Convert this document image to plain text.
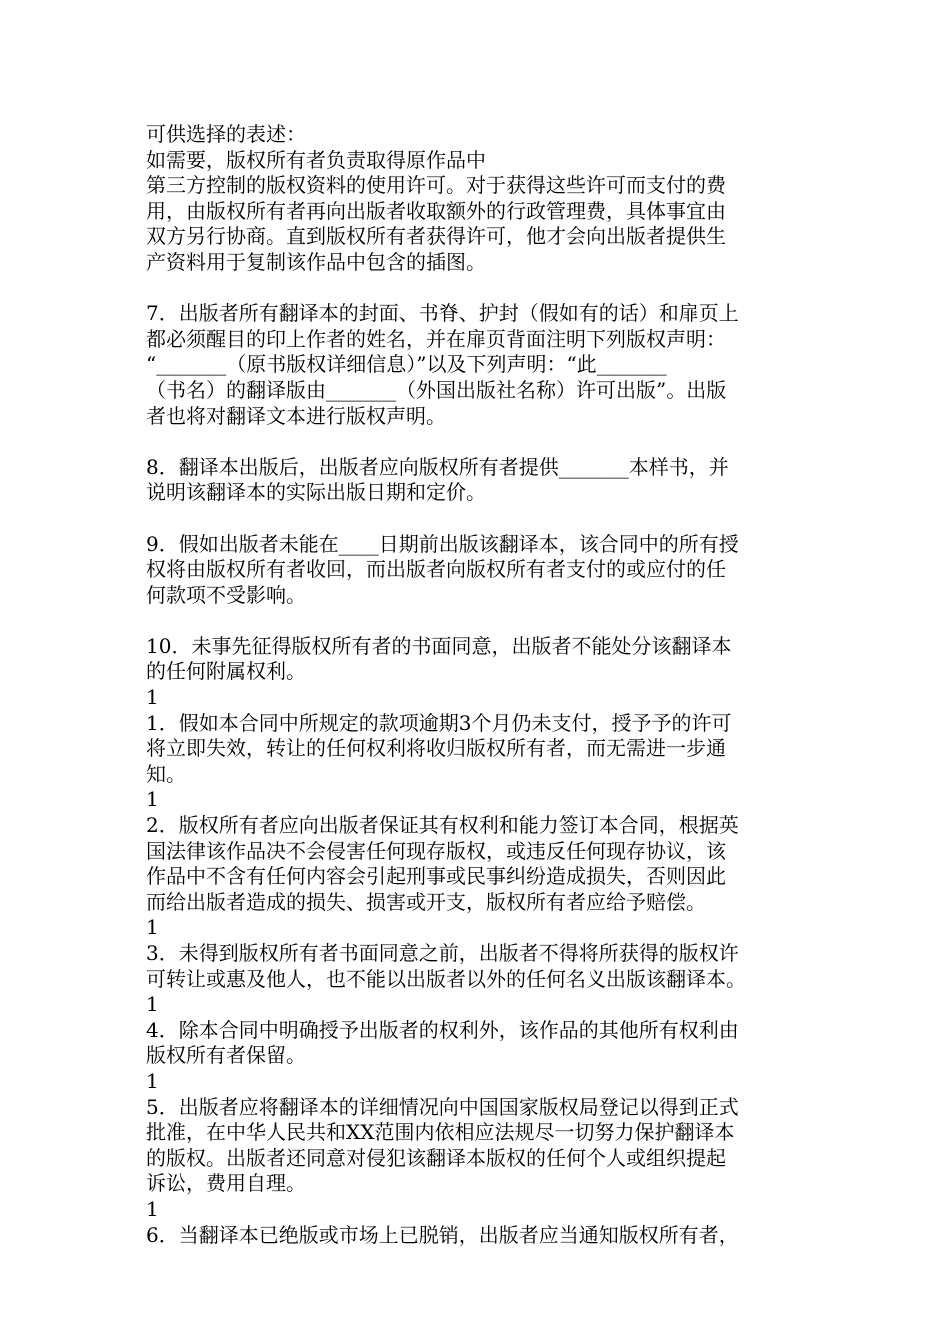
可供选择的表述：
如需要，版权所有者负责取得原作品中
第三方控制的版权资料的使用许可。对于获得这些许可而支付的费
用，由版权所有者再向出版者收取额外的行政管理费，具体事宜由
双方另行协商。直到版权所有者获得许可，他才会向出版者提供生
产资料用于复制该作品中包含的插图。
7．出版者所有翻译本的封面、书脊、护封（假如有的话）和扉页上
都必须醒目的印上作者的姓名，并在扉页背面注明下列版权声明：
“_______（原书版权详细信息）”以及下列声明：“此_______
（书名）的翻译版由_______（外国出版社名称）许可出版”。出版
者也将对翻译文本进行版权声明。
8．翻译本出版后，出版者应向版权所有者提供_______本样书，并
说明该翻译本的实际出版日期和定价。
9．假如出版者未能在____日期前出版该翻译本，该合同中的所有授
权将由版权所有者收回，而出版者向版权所有者支付的或应付的任
何款项不受影响。
10．未事先征得版权所有者的书面同意，出版者不能处分该翻译本
的任何附属权利。
1
1．假如本合同中所规定的款项逾期3个月仍未支付，授予予的许可
将立即失效，转让的任何权利将收归版权所有者，而无需进一步通
知。
1
2．版权所有者应向出版者保证其有权利和能力签订本合同，根据英
国法律该作品决不会侵害任何现存版权，或违反任何现存协议，该
作品中不含有任何内容会引起刑事或民事纠纷造成损失，否则因此
而给出版者造成的损失、损害或开支，版权所有者应给予赔偿。
1
3．未得到版权所有者书面同意之前，出版者不得将所获得的版权许
可转让或惠及他人，也不能以出版者以外的任何名义出版该翻译本。
1
4．除本合同中明确授予出版者的权利外，该作品的其他所有权利由
版权所有者保留。
1
5．出版者应将翻译本的详细情况向中国国家版权局登记以得到正式
批准，在中华人民共和XX范围内依相应法规尽一切努力保护翻译本
的版权。出版者还同意对侵犯该翻译本版权的任何个人或组织提起
诉讼，费用自理。
1
6．当翻译本已绝版或市场上已脱销，出版者应当通知版权所有者，
